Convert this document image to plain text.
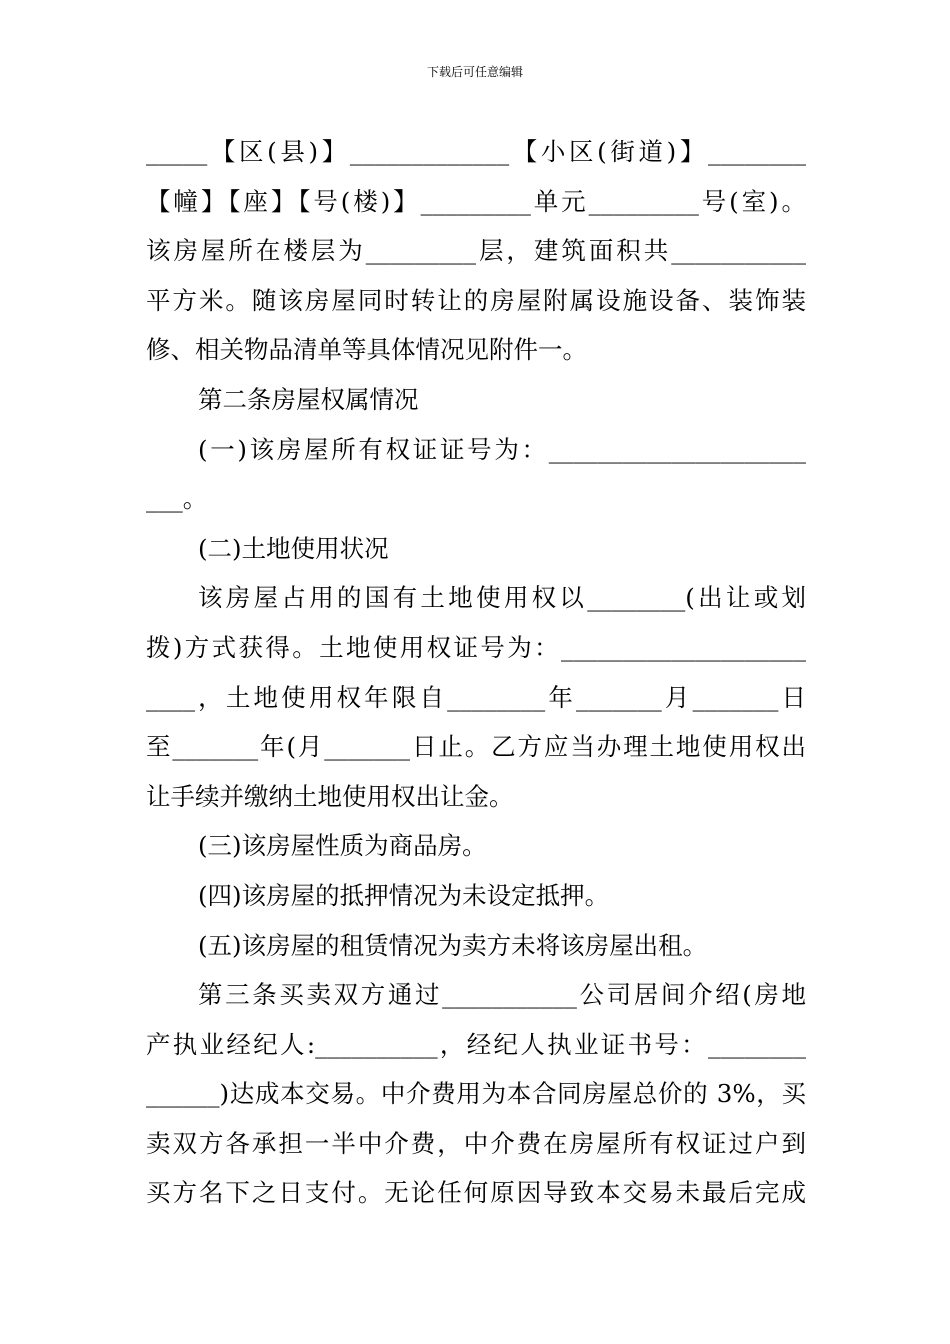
下载后可任意编辑
_____【区(县)】_____________【小区(街道)】________
【幢】【座】【号(楼)】_________单元_________号(室)。
该房屋所在楼层为_________层，建筑面积共___________
平方米。随该房屋同时转让的房屋附属设施设备、装饰装
修、相关物品清单等具体情况见附件一。
第二条房屋权属情况
(一)该房屋所有权证证号为：_____________________
___。
(二)土地使用状况
该房屋占用的国有土地使用权以________(出让或划
拨)方式获得。土地使用权证号为：____________________
____，土地使用权年限自________年_______月_______日
至_______年(月_______日止。乙方应当办理土地使用权出
让手续并缴纳土地使用权出让金。
(三)该房屋性质为商品房。
(四)该房屋的抵押情况为未设定抵押。
(五)该房屋的租赁情况为卖方未将该房屋出租。
第三条买卖双方通过___________公司居间介绍(房地
产执业经纪人:__________，经纪人执业证书号：________
______)达成本交易。中介费用为本合同房屋总价的 3%，买
卖双方各承担一半中介费，中介费在房屋所有权证过户到
买方名下之日支付。无论任何原因导致本交易未最后完成
